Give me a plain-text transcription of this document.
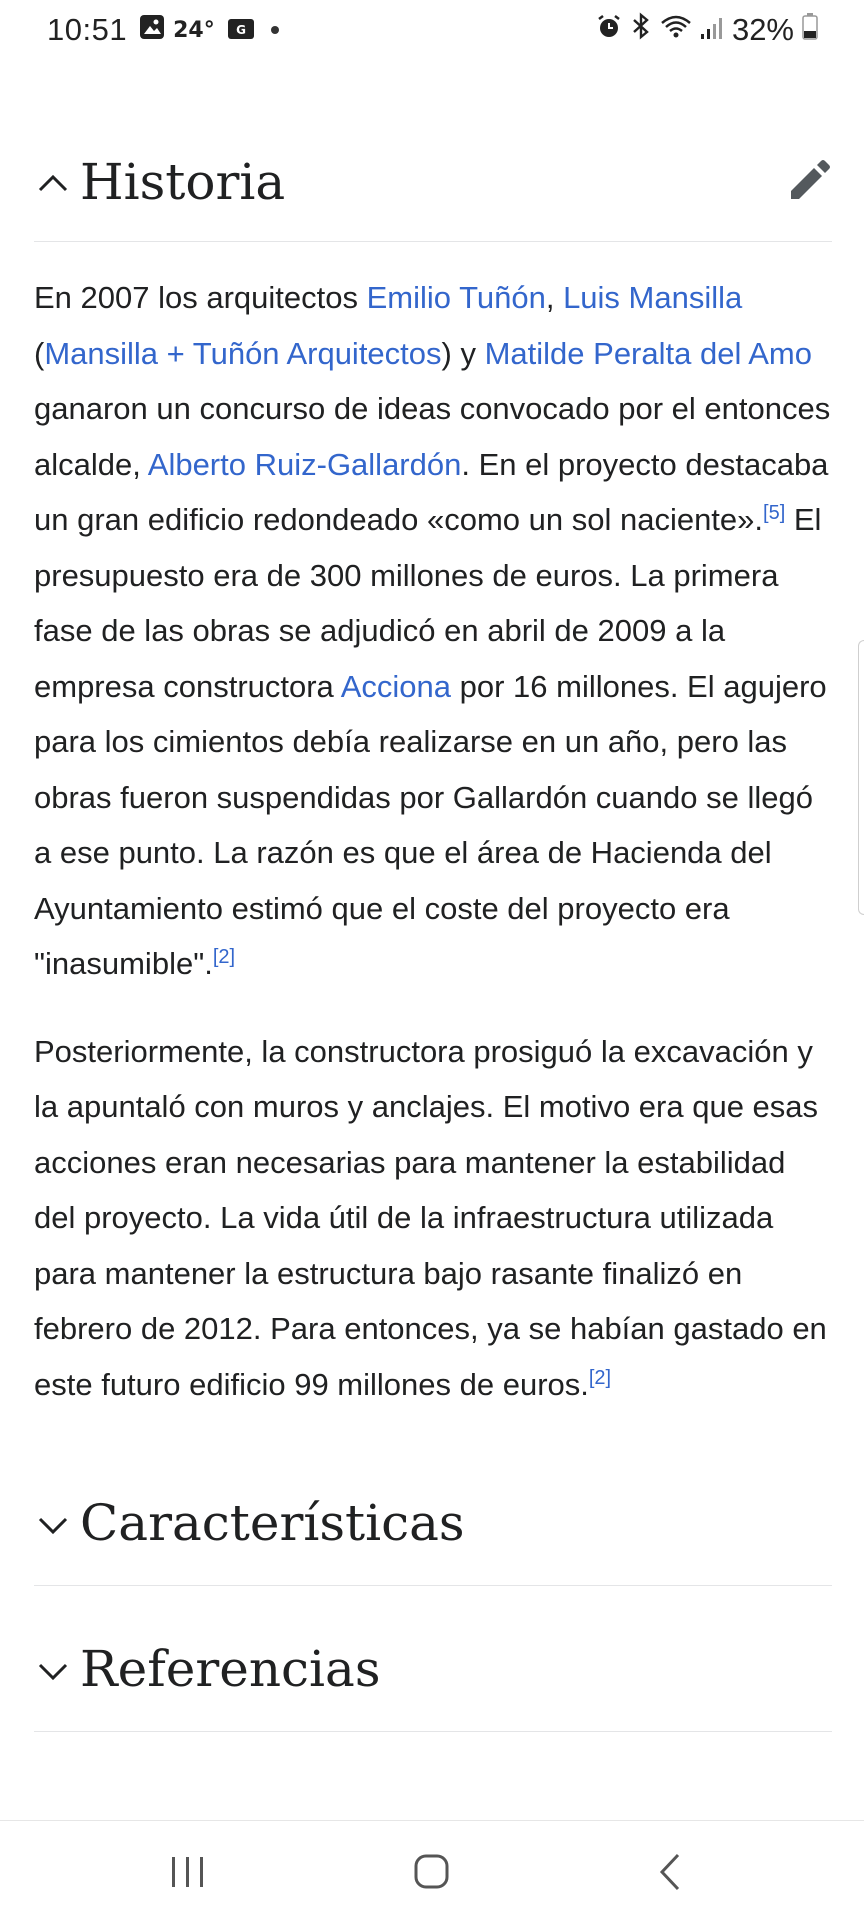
10:51 24° G	32%
Historia

En 2007 los arquitectos Emilio Tuñón, Luis Mansilla (Mansilla + Tuñón Arquitectos) y Matilde Peralta del Amo ganaron un concurso de ideas convocado por el entonces alcalde, Alberto Ruiz-Gallardón. En el proyecto destacaba un gran edificio redondeado «como un sol naciente».[5] El presupuesto era de 300 millones de euros. La primera fase de las obras se adjudicó en abril de 2009 a la empresa constructora Acciona por 16 millones. El agujero para los cimientos debía realizarse en un año, pero las obras fueron suspendidas por Gallardón cuando se llegó a ese punto. La razón es que el área de Hacienda del Ayuntamiento estimó que el coste del proyecto era "inasumible".[2]

Posteriormente, la constructora prosiguó la excavación y la apuntaló con muros y anclajes. El motivo era que esas acciones eran necesarias para mantener la estabilidad del proyecto. La vida útil de la infraestructura utilizada para mantener la estructura bajo rasante finalizó en febrero de 2012. Para entonces, ya se habían gastado en este futuro edificio 99 millones de euros.[2]

Características
Referencias
